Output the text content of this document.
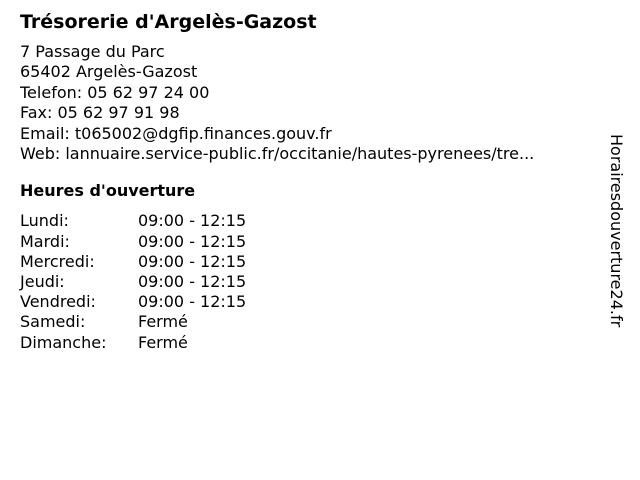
Trésorerie d'Argelès-Gazost
7 Passage du Parc
65402 Argelès-Gazost
Telefon: 05 62 97 24 00
Fax: 05 62 97 91 98
Email: t065002@dgfip.finances.gouv.fr
Web: lannuaire.service-public.fr/occitanie/hautes-pyrenees/tre...
Heures d'ouverture
Lundi:	09:00 - 12:15
Mardi:	09:00 - 12:15
Mercredi:	09:00 - 12:15
Jeudi:	09:00 - 12:15
Vendredi:	09:00 - 12:15
Samedi:	Fermé
Dimanche: Fermé
Horairesdouverture24.fr
